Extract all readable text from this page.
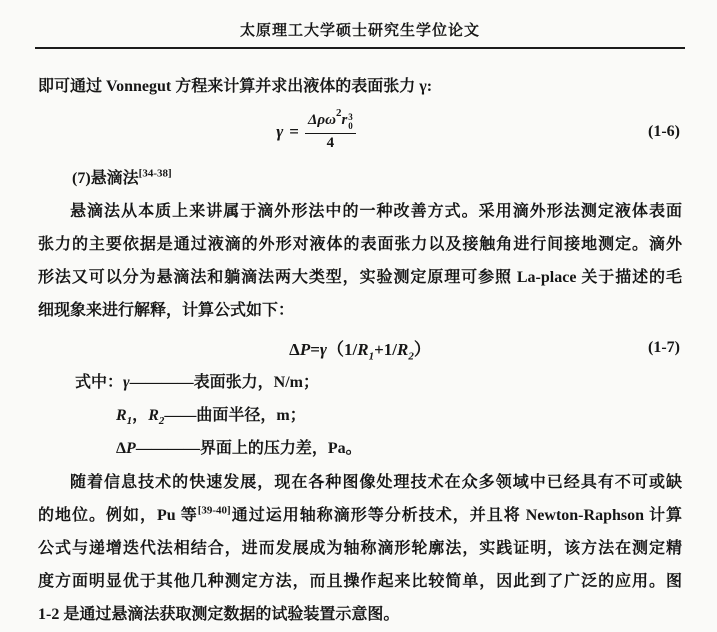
太原理工大学硕士研究生学位论文
即可通过 Vonnegut 方程来计算并求出液体的表面张力 γ:
γ = Δρω 2 r 3
0
4	(1-6)
(7)悬滴法[34-38]
悬滴法从本质上来讲属于滴外形法中的一种改善方式。采用滴外形法测定液体表面
张力的主要依据是通过液滴的外形对液体的表面张力以及接触角进行间接地测定。滴外
形法又可以分为悬滴法和躺滴法两大类型，实验测定原理可参照 La-place 关于描述的毛
细现象来进行解释，计算公式如下：
$\Delta P=\gamma(1/R_1+1/R_2)$	(1-7)
式中：γ————表面张力，N/m；
$R_1$，$R_2——$曲面半径，m；
ΔP————界面上的压力差，Pa。
随着信息技术的快速发展，现在各种图像处理技术在众多领域中已经具有不可或缺
的地位。例如，Pu 等[39-40]通过运用轴称滴形等分析技术，并且将 Newton-Raphson 计算
公式与递增迭代法相结合，进而发展成为轴称滴形轮廓法，实践证明，该方法在测定精
度方面明显优于其他几种测定方法，而且操作起来比较简单，因此到了广泛的应用。图
1-2 是通过悬滴法获取测定数据的试验装置示意图。
